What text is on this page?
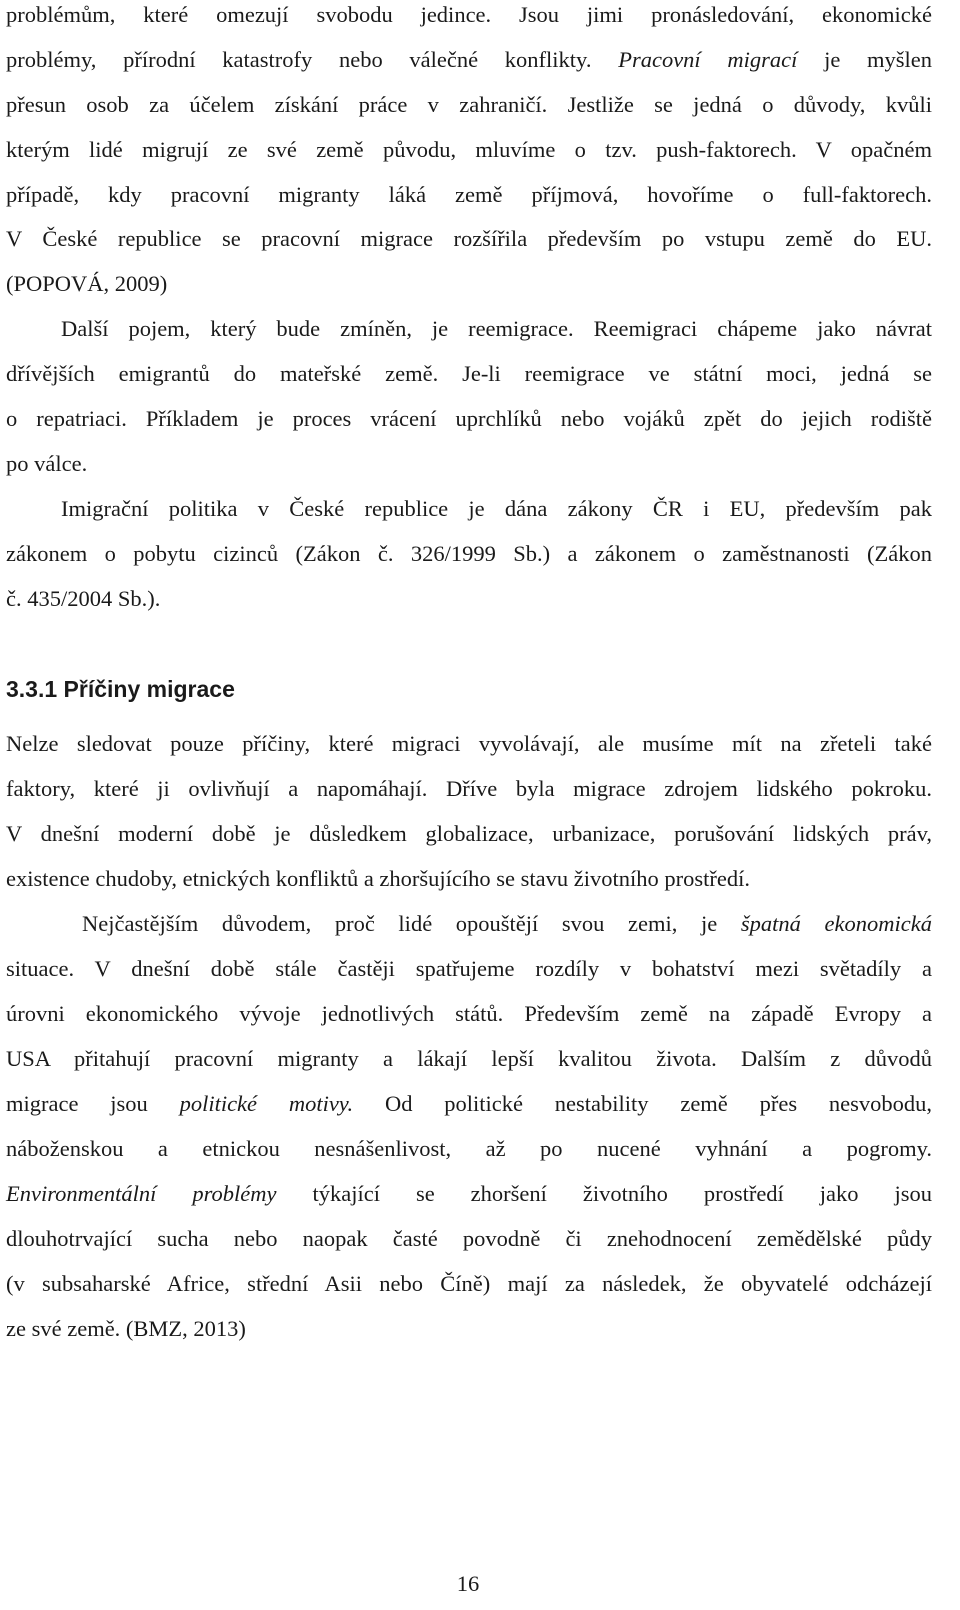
problémům, které omezují svobodu jedince. Jsou jimi pronásledování, ekonomické

problémy, přírodní katastrofy nebo válečné konflikty. Pracovní migrací je myšlen

přesun osob za účelem získání práce v zahraničí. Jestliže se jedná o důvody, kvůli

kterým lidé migrují ze své země původu, mluvíme o tzv. push-faktorech. V opačném

případě, kdy pracovní migranty láká země příjmová, hovoříme o full-faktorech.

V České republice se pracovní migrace rozšířila především po vstupu země do EU.

(POPOVÁ, 2009)

Další pojem, který bude zmíněn, je reemigrace. Reemigraci chápeme jako návrat

dřívějších emigrantů do mateřské země. Je-li reemigrace ve státní moci, jedná se

o repatriaci. Příkladem je proces vrácení uprchlíků nebo vojáků zpět do jejich rodiště

po válce.

Imigrační politika v České republice je dána zákony ČR i EU, především pak

zákonem o pobytu cizinců (Zákon č. 326/1999 Sb.) a zákonem o zaměstnanosti (Zákon

č. 435/2004 Sb.).

3.3.1 Příčiny migrace

Nelze sledovat pouze příčiny, které migraci vyvolávají, ale musíme mít na zřeteli také

faktory, které ji ovlivňují a napomáhají. Dříve byla migrace zdrojem lidského pokroku.

V dnešní moderní době je důsledkem globalizace, urbanizace, porušování lidských práv,

existence chudoby, etnických konfliktů a zhoršujícího se stavu životního prostředí.

Nejčastějším důvodem, proč lidé opouštějí svou zemi, je špatná ekonomická

situace. V dnešní době stále častěji spatřujeme rozdíly v bohatství mezi světadíly a

úrovni ekonomického vývoje jednotlivých států. Především země na západě Evropy a

USA přitahují pracovní migranty a lákají lepší kvalitou života. Dalším z důvodů

migrace jsou politické motivy. Od politické nestability země přes nesvobodu,

náboženskou a etnickou nesnášenlivost, až po nucené vyhnání a pogromy.

Environmentální problémy týkající se zhoršení životního prostředí jako jsou

dlouhotrvající sucha nebo naopak časté povodně či znehodnocení zemědělské půdy

(v subsaharské Africe, střední Asii nebo Číně) mají za následek, že obyvatelé odcházejí

ze své země. (BMZ, 2013)

16
